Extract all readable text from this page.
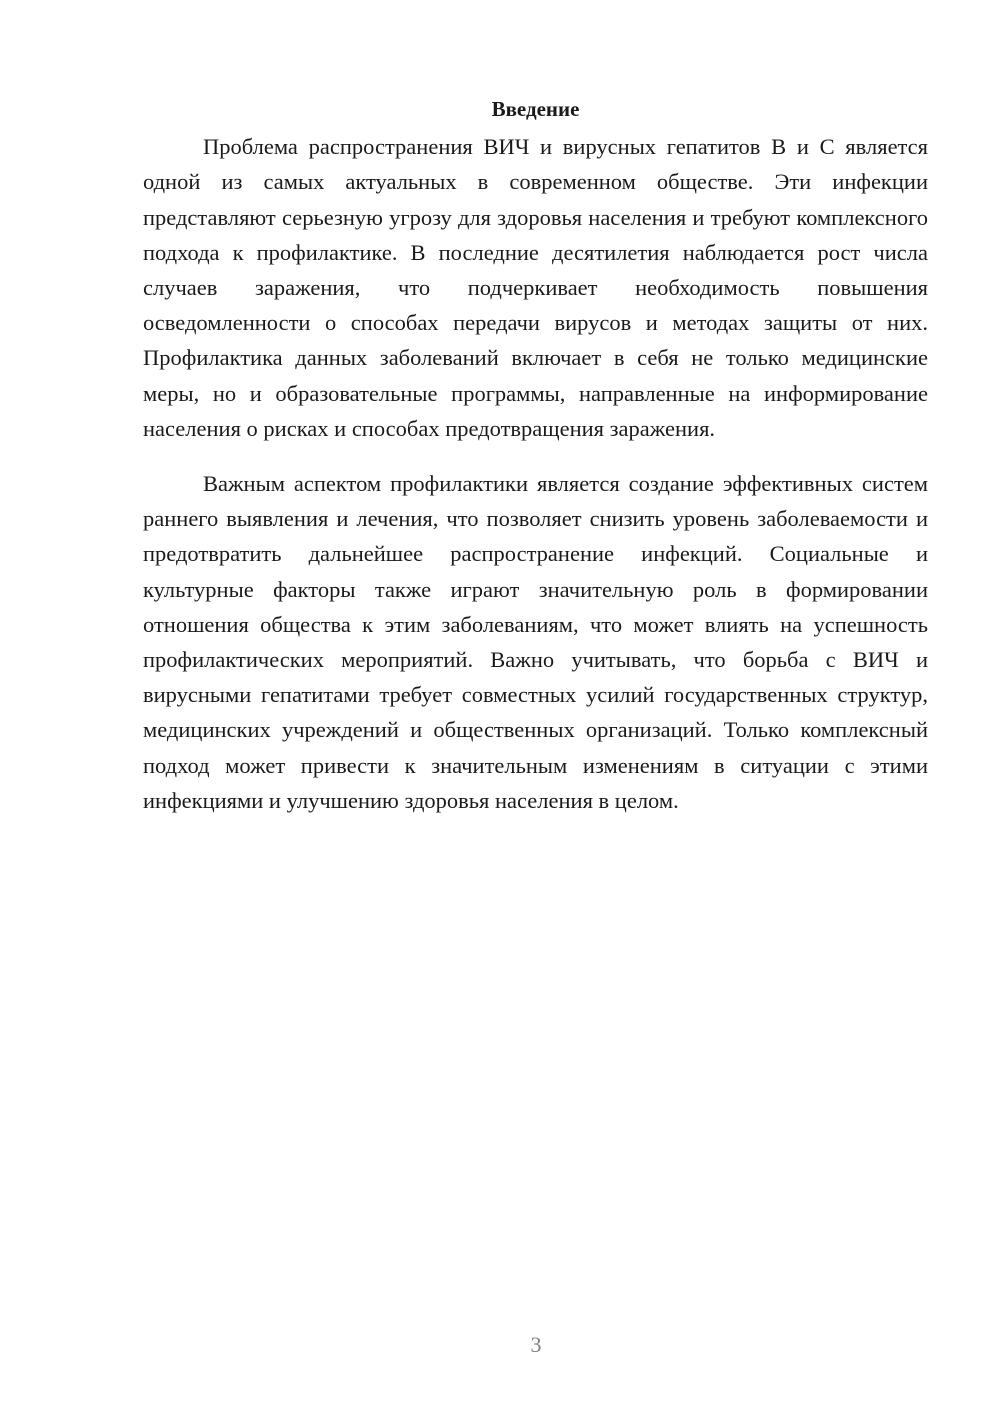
Введение

Проблема распространения ВИЧ и вирусных гепатитов В и С является одной из самых актуальных в современном обществе. Эти инфекции представляют серьезную угрозу для здоровья населения и требуют комплексного подхода к профилактике. В последние десятилетия наблюдается рост числа случаев заражения, что подчеркивает необходимость повышения осведомленности о способах передачи вирусов и методах защиты от них. Профилактика данных заболеваний включает в себя не только медицинские меры, но и образовательные программы, направленные на информирование населения о рисках и способах предотвращения заражения.

Важным аспектом профилактики является создание эффективных систем раннего выявления и лечения, что позволяет снизить уровень заболеваемости и предотвратить дальнейшее распространение инфекций. Социальные и культурные факторы также играют значительную роль в формировании отношения общества к этим заболеваниям, что может влиять на успешность профилактических мероприятий. Важно учитывать, что борьба с ВИЧ и вирусными гепатитами требует совместных усилий государственных структур, медицинских учреждений и общественных организаций. Только комплексный подход может привести к значительным изменениям в ситуации с этими инфекциями и улучшению здоровья населения в целом.

3
